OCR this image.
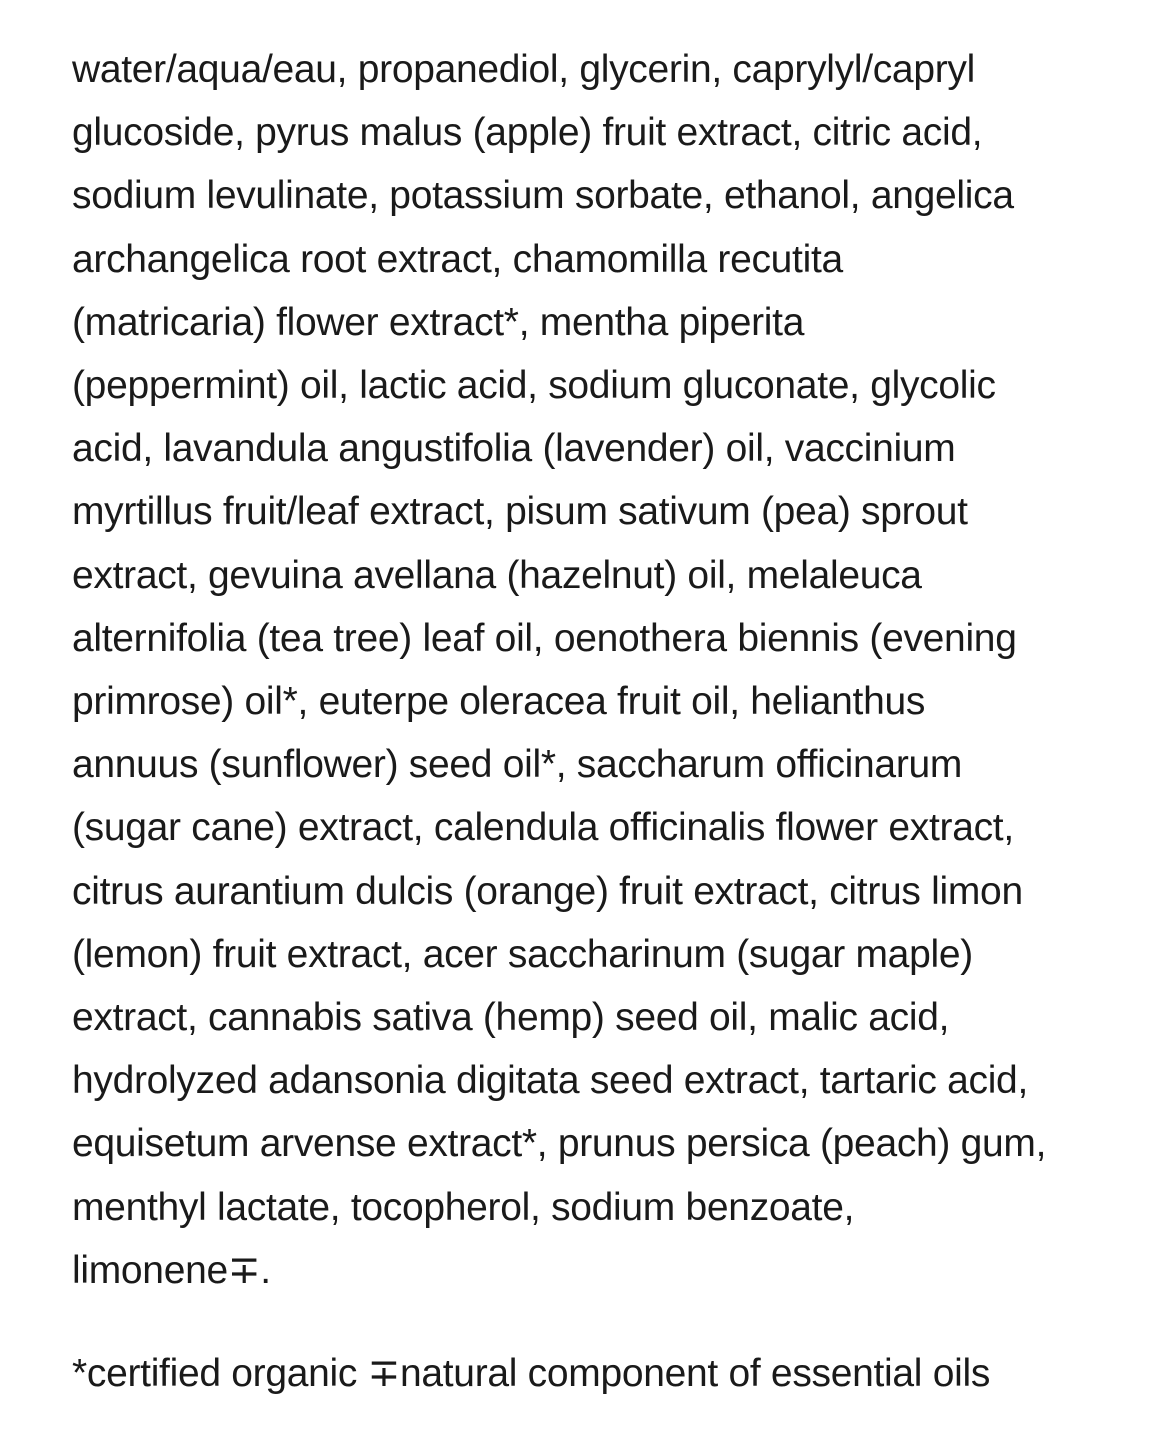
water/aqua/eau, propanediol, glycerin, caprylyl/capryl
glucoside, pyrus malus (apple) fruit extract, citric acid,
sodium levulinate, potassium sorbate, ethanol, angelica
archangelica root extract, chamomilla recutita
(matricaria) flower extract*, mentha piperita
(peppermint) oil, lactic acid, sodium gluconate, glycolic
acid, lavandula angustifolia (lavender) oil, vaccinium
myrtillus fruit/leaf extract, pisum sativum (pea) sprout
extract, gevuina avellana (hazelnut) oil, melaleuca
alternifolia (tea tree) leaf oil, oenothera biennis (evening
primrose) oil*, euterpe oleracea fruit oil, helianthus
annuus (sunflower) seed oil*, saccharum officinarum
(sugar cane) extract, calendula officinalis flower extract,
citrus aurantium dulcis (orange) fruit extract, citrus limon
(lemon) fruit extract, acer saccharinum (sugar maple)
extract, cannabis sativa (hemp) seed oil, malic acid,
hydrolyzed adansonia digitata seed extract, tartaric acid,
equisetum arvense extract*, prunus persica (peach) gum,
menthyl lactate, tocopherol, sodium benzoate,
limonene∓.
*certified organic ∓natural component of essential oils
